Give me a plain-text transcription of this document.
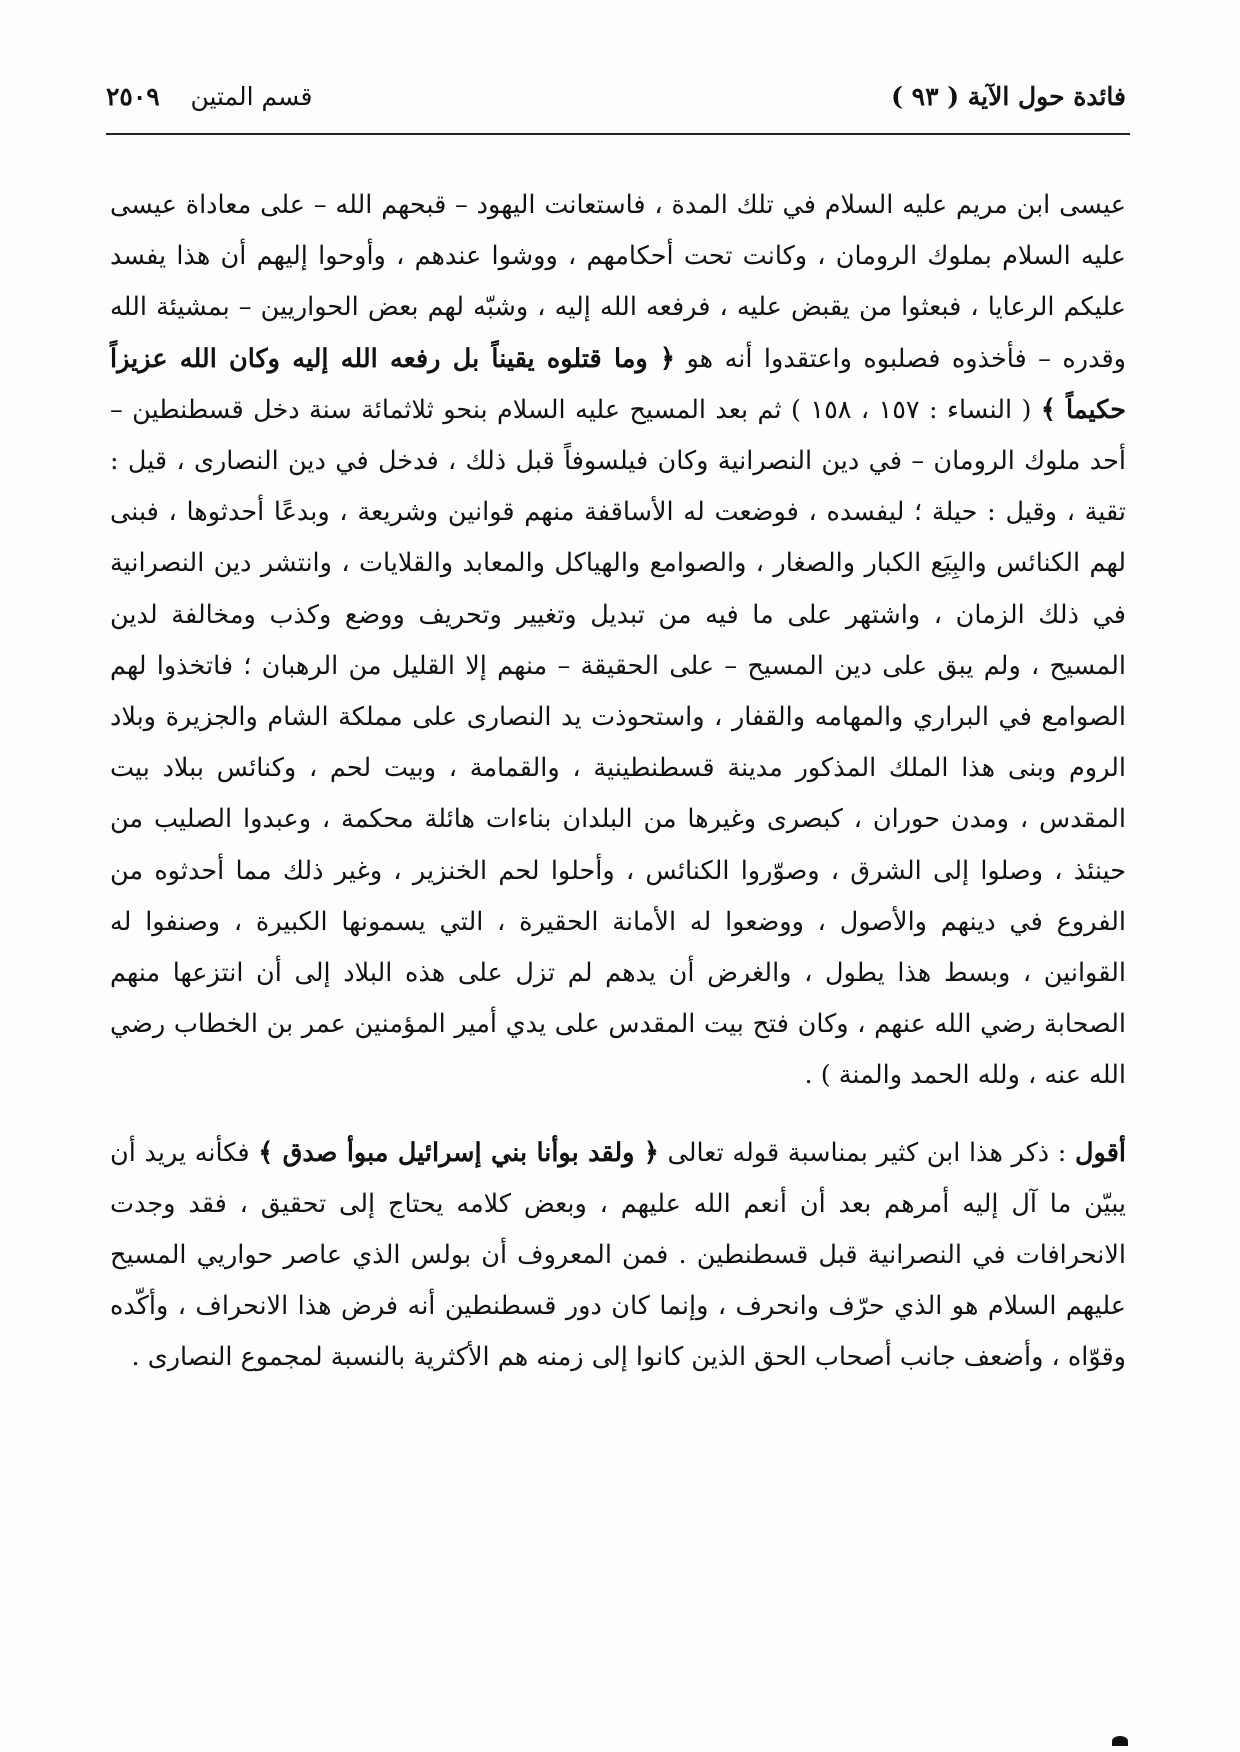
فائدة حول الآية ( ٩٣ )
قسم المتين ٢٥٠٩

عيسى ابن مريم عليه السلام في تلك المدة ، فاستعانت اليهود – قبحهم الله – على معاداة عيسى عليه السلام بملوك الرومان ، وكانت تحت أحكامهم ، ووشوا عندهم ، وأوحوا إليهم أن هذا يفسد عليكم الرعايا ، فبعثوا من يقبض عليه ، فرفعه الله إليه ، وشبّه لهم بعض الحواريين – بمشيئة الله وقدره – فأخذوه فصلبوه واعتقدوا أنه هو ﴿ وما قتلوه يقيناً بل رفعه الله إليه وكان الله عزيزاً حكيماً ﴾ ( النساء : ١٥٧ ، ١٥٨ ) ثم بعد المسيح عليه السلام بنحو ثلاثمائة سنة دخل قسطنطين – أحد ملوك الرومان – في دين النصرانية وكان فيلسوفاً قبل ذلك ، فدخل في دين النصارى ، قيل : تقية ، وقيل : حيلة ؛ ليفسده ، فوضعت له الأساقفة منهم قوانين وشريعة ، وبدعًا أحدثوها ، فبنى لهم الكنائس والبِيَع الكبار والصغار ، والصوامع والهياكل والمعابد والقلايات ، وانتشر دين النصرانية في ذلك الزمان ، واشتهر على ما فيه من تبديل وتغيير وتحريف ووضع وكذب ومخالفة لدين المسيح ، ولم يبق على دين المسيح – على الحقيقة – منهم إلا القليل من الرهبان ؛ فاتخذوا لهم الصوامع في البراري والمهامه والقفار ، واستحوذت يد النصارى على مملكة الشام والجزيرة وبلاد الروم وبنى هذا الملك المذكور مدينة قسطنطينية ، والقمامة ، وبيت لحم ، وكنائس ببلاد بيت المقدس ، ومدن حوران ، كبصرى وغيرها من البلدان بناءات هائلة محكمة ، وعبدوا الصليب من حينئذ ، وصلوا إلى الشرق ، وصوّروا الكنائس ، وأحلوا لحم الخنزير ، وغير ذلك مما أحدثوه من الفروع في دينهم والأصول ، ووضعوا له الأمانة الحقيرة ، التي يسمونها الكبيرة ، وصنفوا له القوانين ، وبسط هذا يطول ، والغرض أن يدهم لم تزل على هذه البلاد إلى أن انتزعها منهم الصحابة رضي الله عنهم ، وكان فتح بيت المقدس على يدي أمير المؤمنين عمر بن الخطاب رضي الله عنه ، ولله الحمد والمنة ) .

أقول : ذكر هذا ابن كثير بمناسبة قوله تعالى ﴿ ولقد بوأنا بني إسرائيل مبوأ صدق ﴾ فكأنه يريد أن يبيّن ما آل إليه أمرهم بعد أن أنعم الله عليهم ، وبعض كلامه يحتاج إلى تحقيق ، فقد وجدت الانحرافات في النصرانية قبل قسطنطين . فمن المعروف أن بولس الذي عاصر حواريي المسيح عليهم السلام هو الذي حرّف وانحرف ، وإنما كان دور قسطنطين أنه فرض هذا الانحراف ، وأكّده وقوّاه ، وأضعف جانب أصحاب الحق الذين كانوا إلى زمنه هم الأكثرية بالنسبة لمجموع النصارى .
